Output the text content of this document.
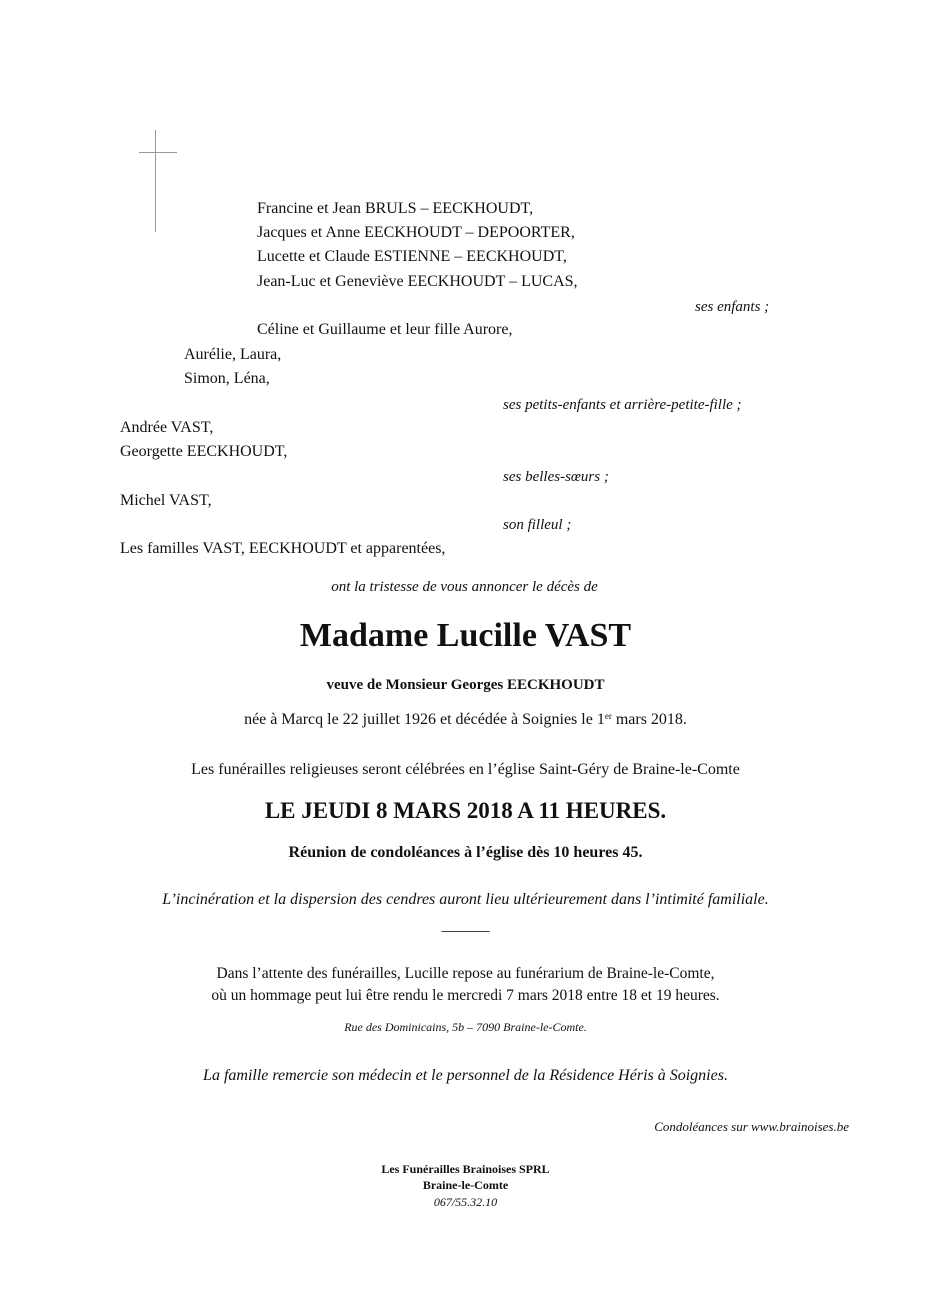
Francine et Jean BRULS – EECKHOUDT,
Jacques et Anne EECKHOUDT – DEPOORTER,
Lucette et Claude ESTIENNE – EECKHOUDT,
Jean-Luc et Geneviève EECKHOUDT – LUCAS,
ses enfants ;
Céline et Guillaume et leur fille Aurore,
Aurélie, Laura,
Simon, Léna,
ses petits-enfants et arrière-petite-fille ;
Andrée VAST,
Georgette EECKHOUDT,
ses belles-sœurs ;
Michel VAST,
son filleul ;
Les familles VAST, EECKHOUDT et apparentées,
ont la tristesse de vous annoncer le décès de
Madame Lucille VAST
veuve de Monsieur Georges EECKHOUDT
née à Marcq le 22 juillet 1926 et décédée à Soignies le 1er mars 2018.
Les funérailles religieuses seront célébrées en l’église Saint-Géry de Braine-le-Comte
LE JEUDI 8 MARS 2018 A 11 HEURES.
Réunion de condoléances à l’église dès 10 heures 45.
L’incinération et la dispersion des cendres auront lieu ultérieurement dans l’intimité familiale.
______
Dans l’attente des funérailles, Lucille repose au funérarium de Braine-le-Comte,
où un hommage peut lui être rendu le mercredi 7 mars 2018 entre 18 et 19 heures.
Rue des Dominicains, 5b – 7090 Braine-le-Comte.
La famille remercie son médecin et le personnel de la Résidence Héris à Soignies.
Condoléances sur www.brainoises.be
Les Funérailles Brainoises SPRL
Braine-le-Comte
067/55.32.10
